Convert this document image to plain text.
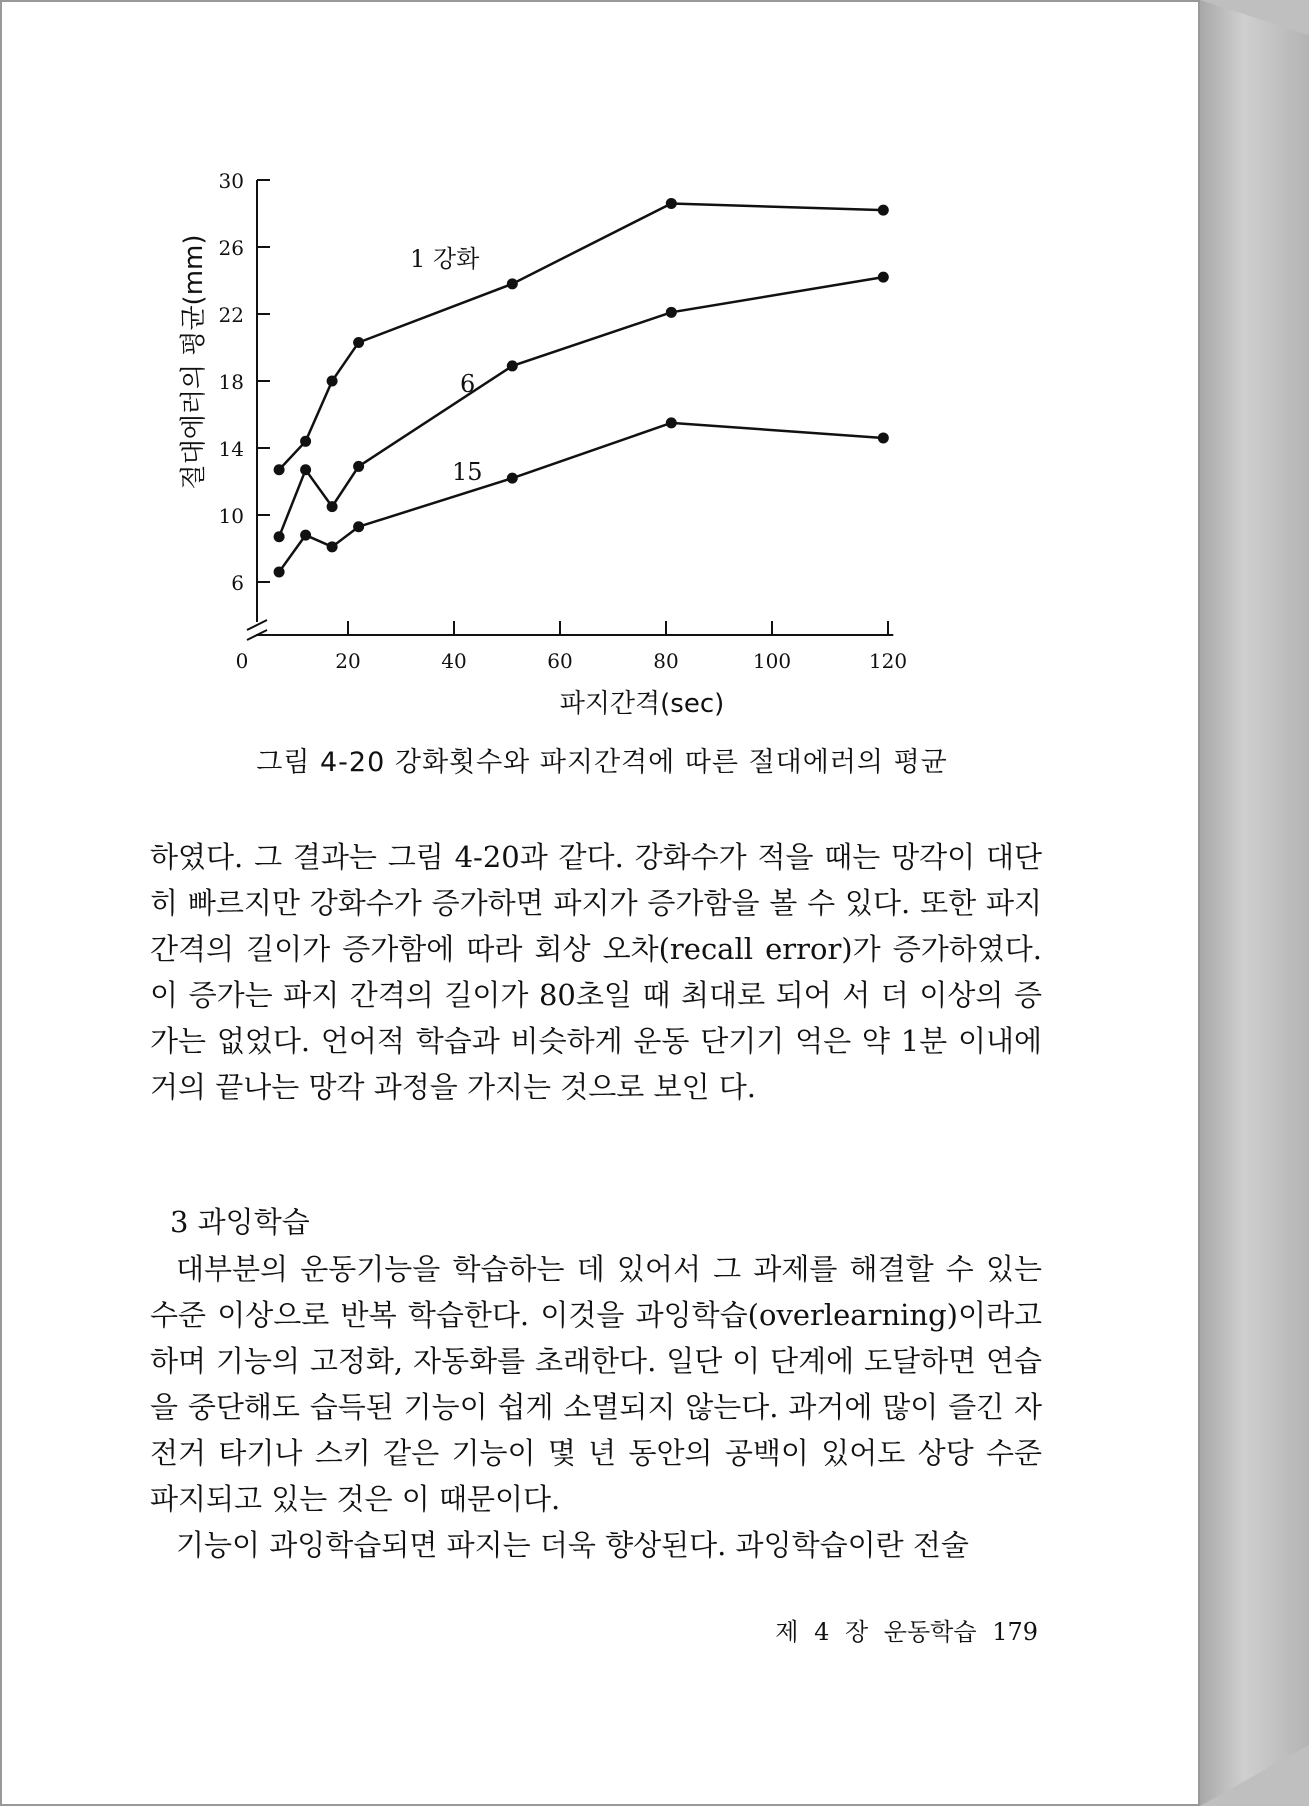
6
10
14
18
22
26
30
0	20	40	60	80	100	120
1 강화
6
15
파지간격(sec)
절대에러의 평균(mm)
그림 4-20 강화횟수와 파지간격에 따른 절대에러의 평균
하였다. 그 결과는 그림 4-20과 같다. 강화수가 적을 때는 망각이 대단히 빠르지만 강화수가 증가하면 파지가 증가함을 볼 수 있다. 또한 파지 간격의 길이가 증가함에 따라 회상 오차(recall error)가 증가하였다. 이 증가는 파지 간격의 길이가 80초일 때 최대로 되어 서 더 이상의 증가는 없었다. 언어적 학습과 비슷하게 운동 단기기 억은 약 1분 이내에 거의 끝나는 망각 과정을 가지는 것으로 보인 다.
3 과잉학습
대부분의 운동기능을 학습하는 데 있어서 그 과제를 해결할 수 있는 수준 이상으로 반복 학습한다. 이것을 과잉학습(overlearning)이라고 하며 기능의 고정화, 자동화를 초래한다. 일단 이 단계에 도달하면 연습을 중단해도 습득된 기능이 쉽게 소멸되지 않는다. 과거에 많이 즐긴 자전거 타기나 스키 같은 기능이 몇 년 동안의 공백이 있어도 상당 수준 파지되고 있는 것은 이 때문이다.
기능이 과잉학습되면 파지는 더욱 향상된다. 과잉학습이란 전술
제 4 장 운동학습 179
